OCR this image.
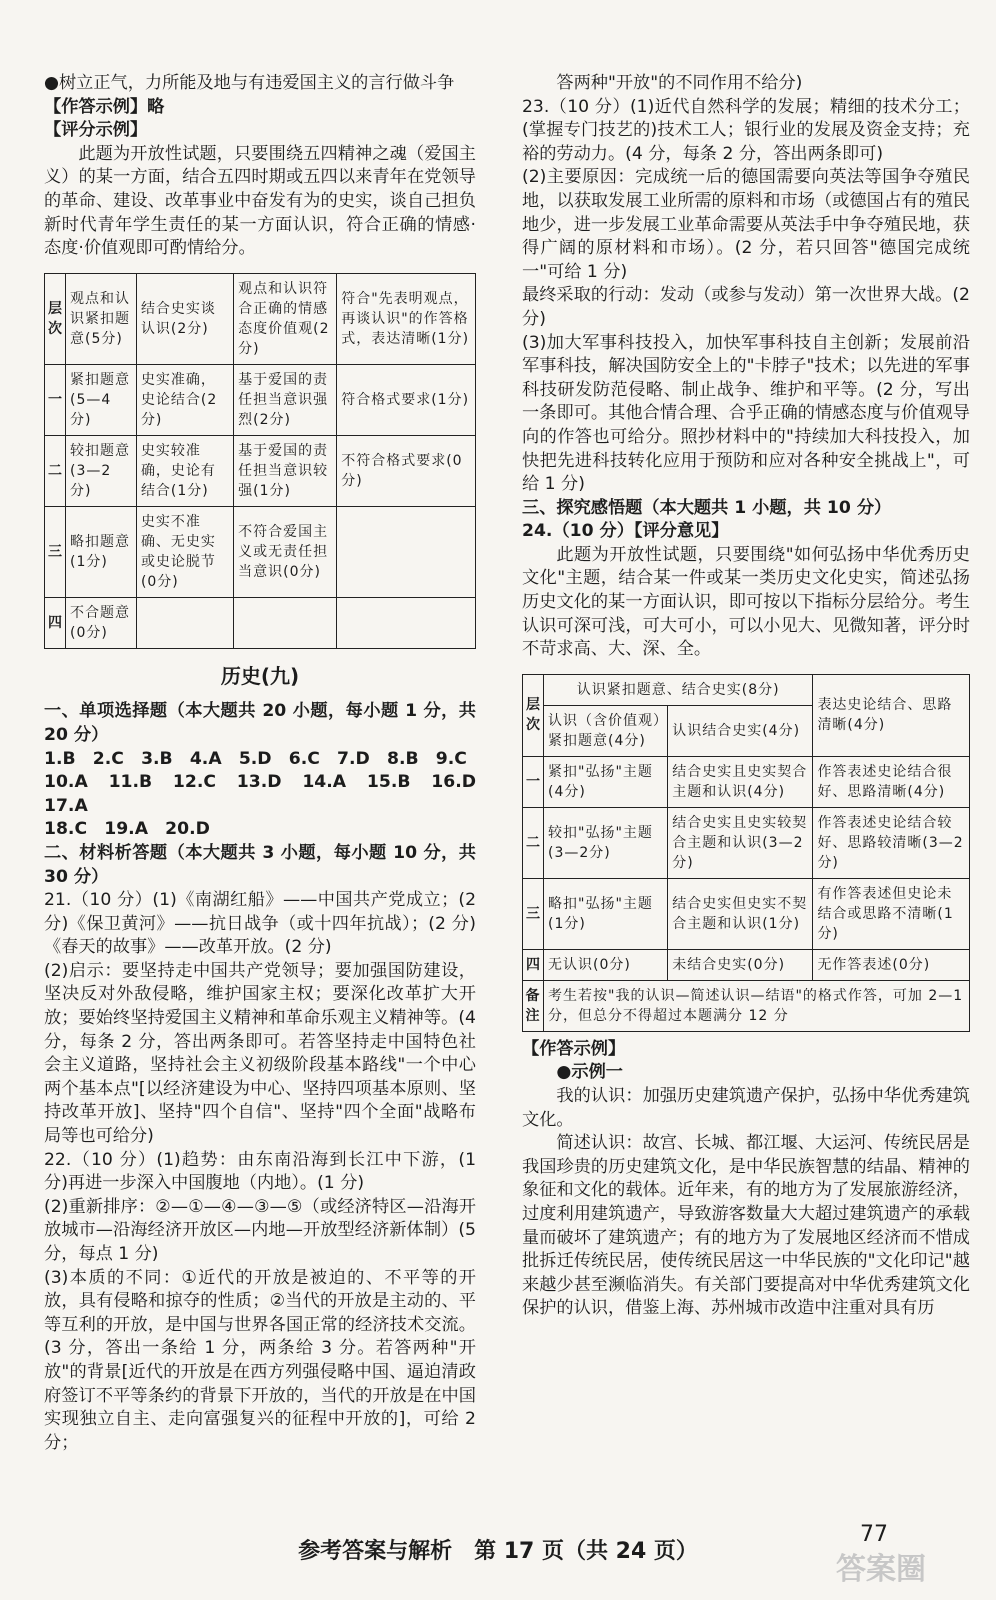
●树立正气，力所能及地与有违爱国主义的言行做斗争

【作答示例】略

【评分示例】

此题为开放性试题，只要围绕五四精神之魂（爱国主义）的某一方面，结合五四时期或五四以来青年在党领导的革命、建设、改革事业中奋发有为的史实，谈自己担负新时代青年学生责任的某一方面认识，符合正确的情感·态度·价值观即可酌情给分。

层次	观点和认识紧扣题意(5分)	结合史实谈认识(2分)	观点和认识符合正确的情感态度价值观(2分)	符合"先表明观点，再谈认识"的作答格式，表达清晰(1分)
一	紧扣题意(5—4分)	史实准确，史论结合(2分)	基于爱国的责任担当意识强烈(2分)	符合格式要求(1分)
二	较扣题意(3—2分)	史实较准确，史论有结合(1分)	基于爱国的责任担当意识较强(1分)	不符合格式要求(0分)
三	略扣题意(1分)	史实不准确、无史实或史论脱节(0分)	不符合爱国主义或无责任担当意识(0分)	
四	不合题意(0分)			
历史(九)

一、单项选择题（本大题共 20 小题，每小题 1 分，共 20 分）

1.B　2.C　3.B　4.A　5.D　6.C　7.D　8.B　9.C

10.A　11.B　12.C　13.D　14.A　15.B　16.D　17.A

18.C　19.A　20.D

二、材料析答题（本大题共 3 小题，每小题 10 分，共 30 分）

21.（10 分）(1)《南湖红船》——中国共产党成立；(2 分)《保卫黄河》——抗日战争（或十四年抗战）；(2 分)《春天的故事》——改革开放。(2 分)

(2)启示：要坚持走中国共产党领导；要加强国防建设，坚决反对外敌侵略，维护国家主权；要深化改革扩大开放；要始终坚持爱国主义精神和革命乐观主义精神等。(4 分，每条 2 分，答出两条即可。若答坚持走中国特色社会主义道路，坚持社会主义初级阶段基本路线"一个中心两个基本点"[以经济建设为中心、坚持四项基本原则、坚持改革开放]、坚持"四个自信"、坚持"四个全面"战略布局等也可给分)

22.（10 分）(1)趋势：由东南沿海到长江中下游，(1 分)再进一步深入中国腹地（内地）。(1 分)

(2)重新排序：②—①—④—③—⑤（或经济特区—沿海开放城市—沿海经济开放区—内地—开放型经济新体制）(5 分，每点 1 分)

(3)本质的不同：①近代的开放是被迫的、不平等的开放，具有侵略和掠夺的性质；②当代的开放是主动的、平等互利的开放，是中国与世界各国正常的经济技术交流。(3 分，答出一条给 1 分，两条给 3 分。若答两种"开放"的背景[近代的开放是在西方列强侵略中国、逼迫清政府签订不平等条约的背景下开放的，当代的开放是在中国实现独立自主、走向富强复兴的征程中开放的]，可给 2 分；

答两种"开放"的不同作用不给分)

23.（10 分）(1)近代自然科学的发展；精细的技术分工；(掌握专门技艺的)技术工人；银行业的发展及资金支持；充裕的劳动力。(4 分，每条 2 分，答出两条即可)

(2)主要原因：完成统一后的德国需要向英法等国争夺殖民地，以获取发展工业所需的原料和市场（或德国占有的殖民地少，进一步发展工业革命需要从英法手中争夺殖民地，获得广阔的原材料和市场）。(2 分，若只回答"德国完成统一"可给 1 分)

最终采取的行动：发动（或参与发动）第一次世界大战。(2 分)

(3)加大军事科技投入，加快军事科技自主创新；发展前沿军事科技，解决国防安全上的"卡脖子"技术；以先进的军事科技研发防范侵略、制止战争、维护和平等。(2 分，写出一条即可。其他合情合理、合乎正确的情感态度与价值观导向的作答也可给分。照抄材料中的"持续加大科技投入，加快把先进科技转化应用于预防和应对各种安全挑战上"，可给 1 分)

三、探究感悟题（本大题共 1 小题，共 10 分）

24.（10 分）【评分意见】

此题为开放性试题，只要围绕"如何弘扬中华优秀历史文化"主题，结合某一件或某一类历史文化史实，简述弘扬历史文化的某一方面认识，即可按以下指标分层给分。考生认识可深可浅，可大可小，可以小见大、见微知著，评分时不苛求高、大、深、全。

层次	认识紧扣题意、结合史实(8分)		表达史论结合、思路清晰(4分)
	认识（含价值观）紧扣题意(4分)	认识结合史实(4分)	
一	紧扣"弘扬"主题(4分)	结合史实且史实契合主题和认识(4分)	作答表述史论结合很好、思路清晰(4分)
二	较扣"弘扬"主题(3—2分)	结合史实且史实较契合主题和认识(3—2分)	作答表述史论结合较好、思路较清晰(3—2分)
三	略扣"弘扬"主题(1分)	结合史实但史实不契合主题和认识(1分)	有作答表述但史论未结合或思路不清晰(1分)
四	无认识(0分)	未结合史实(0分)	无作答表述(0分)
备注	考生若按"我的认识—简述认识—结语"的格式作答，可加 2—1 分，但总分不得超过本题满分 12 分		

【作答示例】

●示例一

我的认识：加强历史建筑遗产保护，弘扬中华优秀建筑文化。

简述认识：故宫、长城、都江堰、大运河、传统民居是我国珍贵的历史建筑文化，是中华民族智慧的结晶、精神的象征和文化的载体。近年来，有的地方为了发展旅游经济，过度利用建筑遗产，导致游客数量大大超过建筑遗产的承载量而破坏了建筑遗产；有的地方为了发展地区经济而不惜成批拆迁传统民居，使传统民居这一中华民族的"文化印记"越来越少甚至濒临消失。有关部门要提高对中华优秀建筑文化保护的认识，借鉴上海、苏州城市改造中注重对具有历

参考答案与解析　第 17 页（共 24 页）
77
答案圈
